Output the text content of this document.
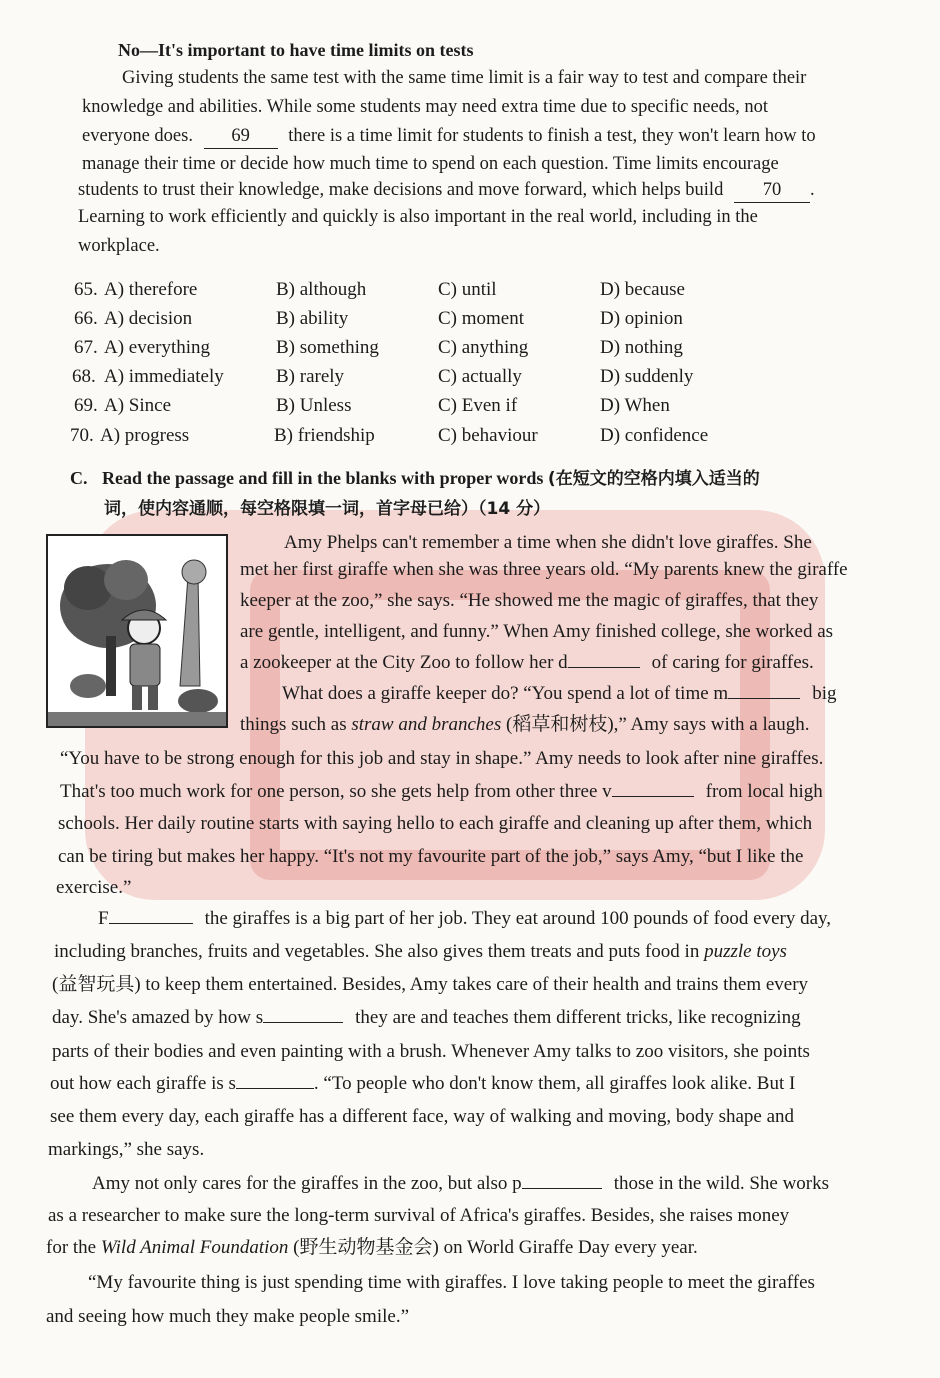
No—It's important to have time limits on tests
Giving students the same test with the same time limit is a fair way to test and compare their
knowledge and abilities. While some students may need extra time due to specific needs, not
everyone does. 69 there is a time limit for students to finish a test, they won't learn how to
manage their time or decide how much time to spend on each question. Time limits encourage
students to trust their knowledge, make decisions and move forward, which helps build 70 .
Learning to work efficiently and quickly is also important in the real world, including in the
workplace.
65. A) therefore	B) although	C) until	D) because
66. A) decision	B) ability	C) moment	D) opinion
67. A) everything	B) something	C) anything	D) nothing
68. A) immediately	B) rarely	C) actually	D) suddenly
69. A) Since	B) Unless	C) Even if	D) When
70. A) progress	B) friendship	C) behaviour	D) confidence
C. Read the passage and fill in the blanks with proper words (在短文的空格内填入适当的
词，使内容通顺，每空格限填一词，首字母已给）（14 分）
Amy Phelps can't remember a time when she didn't love giraffes. She
met her first giraffe when she was three years old. “My parents knew the giraffe
keeper at the zoo,” she says. “He showed me the magic of giraffes, that they
are gentle, intelligent, and funny.” When Amy finished college, she worked as
a zookeeper at the City Zoo to follow her d	of caring for giraffes.
What does a giraffe keeper do? “You spend a lot of time m	big
things such as straw and branches (稻草和树枝),” Amy says with a laugh.
“You have to be strong enough for this job and stay in shape.” Amy needs to look after nine giraffes.
That's too much work for one person, so she gets help from other three v	from local high
schools. Her daily routine starts with saying hello to each giraffe and cleaning up after them, which
can be tiring but makes her happy. “It's not my favourite part of the job,” says Amy, “but I like the
exercise.”
F	the giraffes is a big part of her job. They eat around 100 pounds of food every day,
including branches, fruits and vegetables. She also gives them treats and puts food in puzzle toys
(益智玩具) to keep them entertained. Besides, Amy takes care of their health and trains them every
day. She's amazed by how s	they are and teaches them different tricks, like recognizing
parts of their bodies and even painting with a brush. Whenever Amy talks to zoo visitors, she points
out how each giraffe is s	. “To people who don't know them, all giraffes look alike. But I
see them every day, each giraffe has a different face, way of walking and moving, body shape and
markings,” she says.
Amy not only cares for the giraffes in the zoo, but also p	those in the wild. She works
as a researcher to make sure the long-term survival of Africa's giraffes. Besides, she raises money
for the Wild Animal Foundation (野生动物基金会) on World Giraffe Day every year.
“My favourite thing is just spending time with giraffes. I love taking people to meet the giraffes
and seeing how much they make people smile.”
